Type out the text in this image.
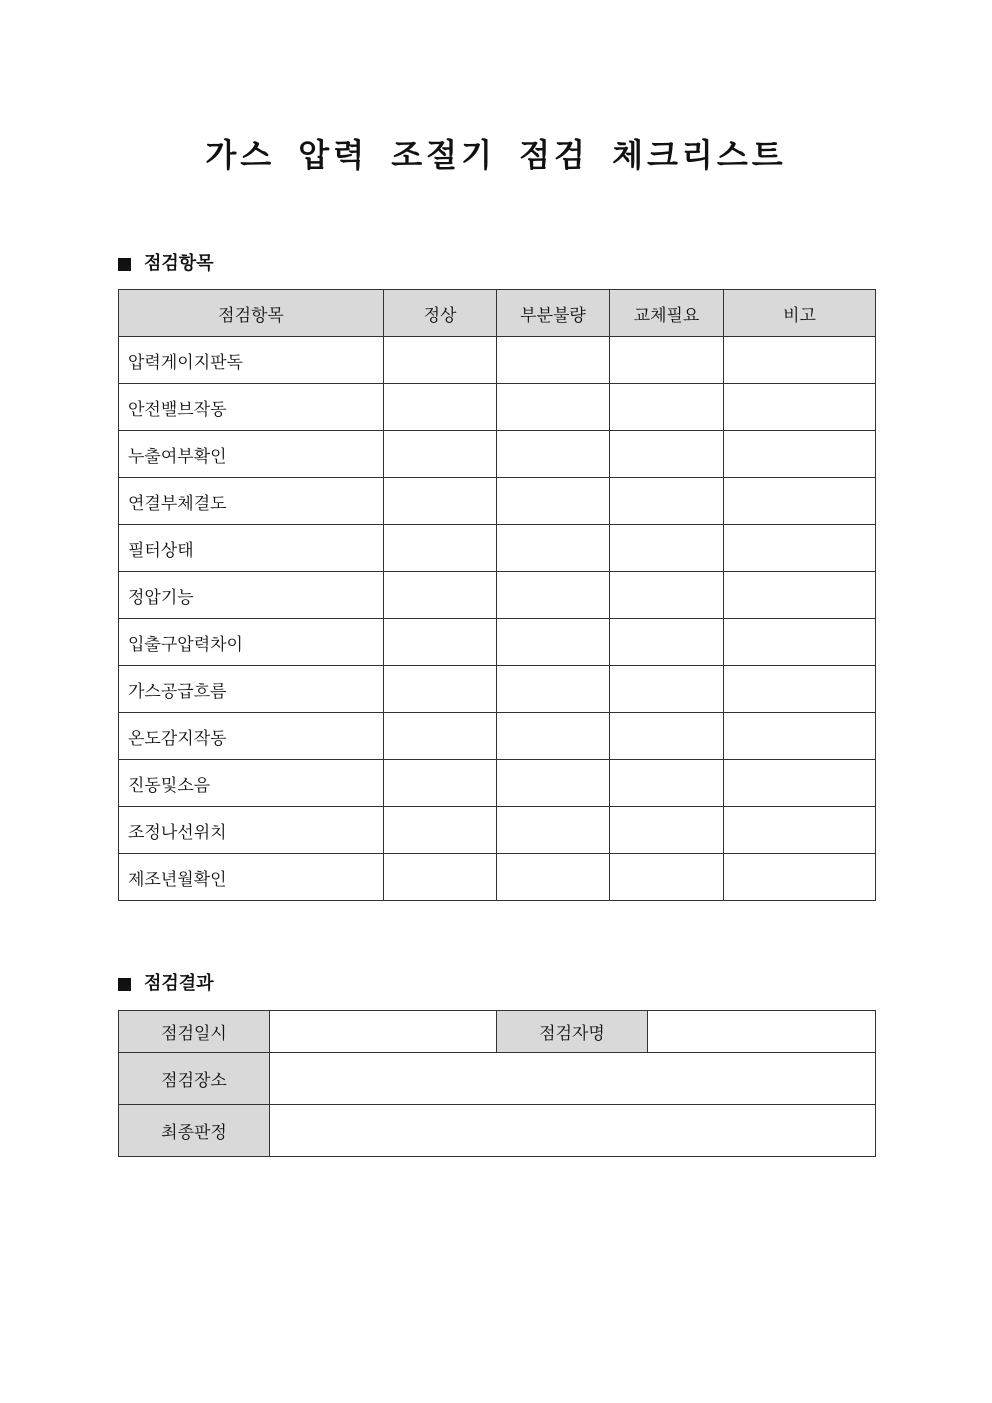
가스 압력 조절기 점검 체크리스트
점검항목
점검항목	정상	부분불량	교체필요	비고
압력게이지판독				
안전밸브작동				
누출여부확인				
연결부체결도				
필터상태				
정압기능				
입출구압력차이				
가스공급흐름				
온도감지작동				
진동및소음				
조정나선위치				
제조년월확인				
점검결과
점검일시		점검자명	
점검장소			
최종판정			
